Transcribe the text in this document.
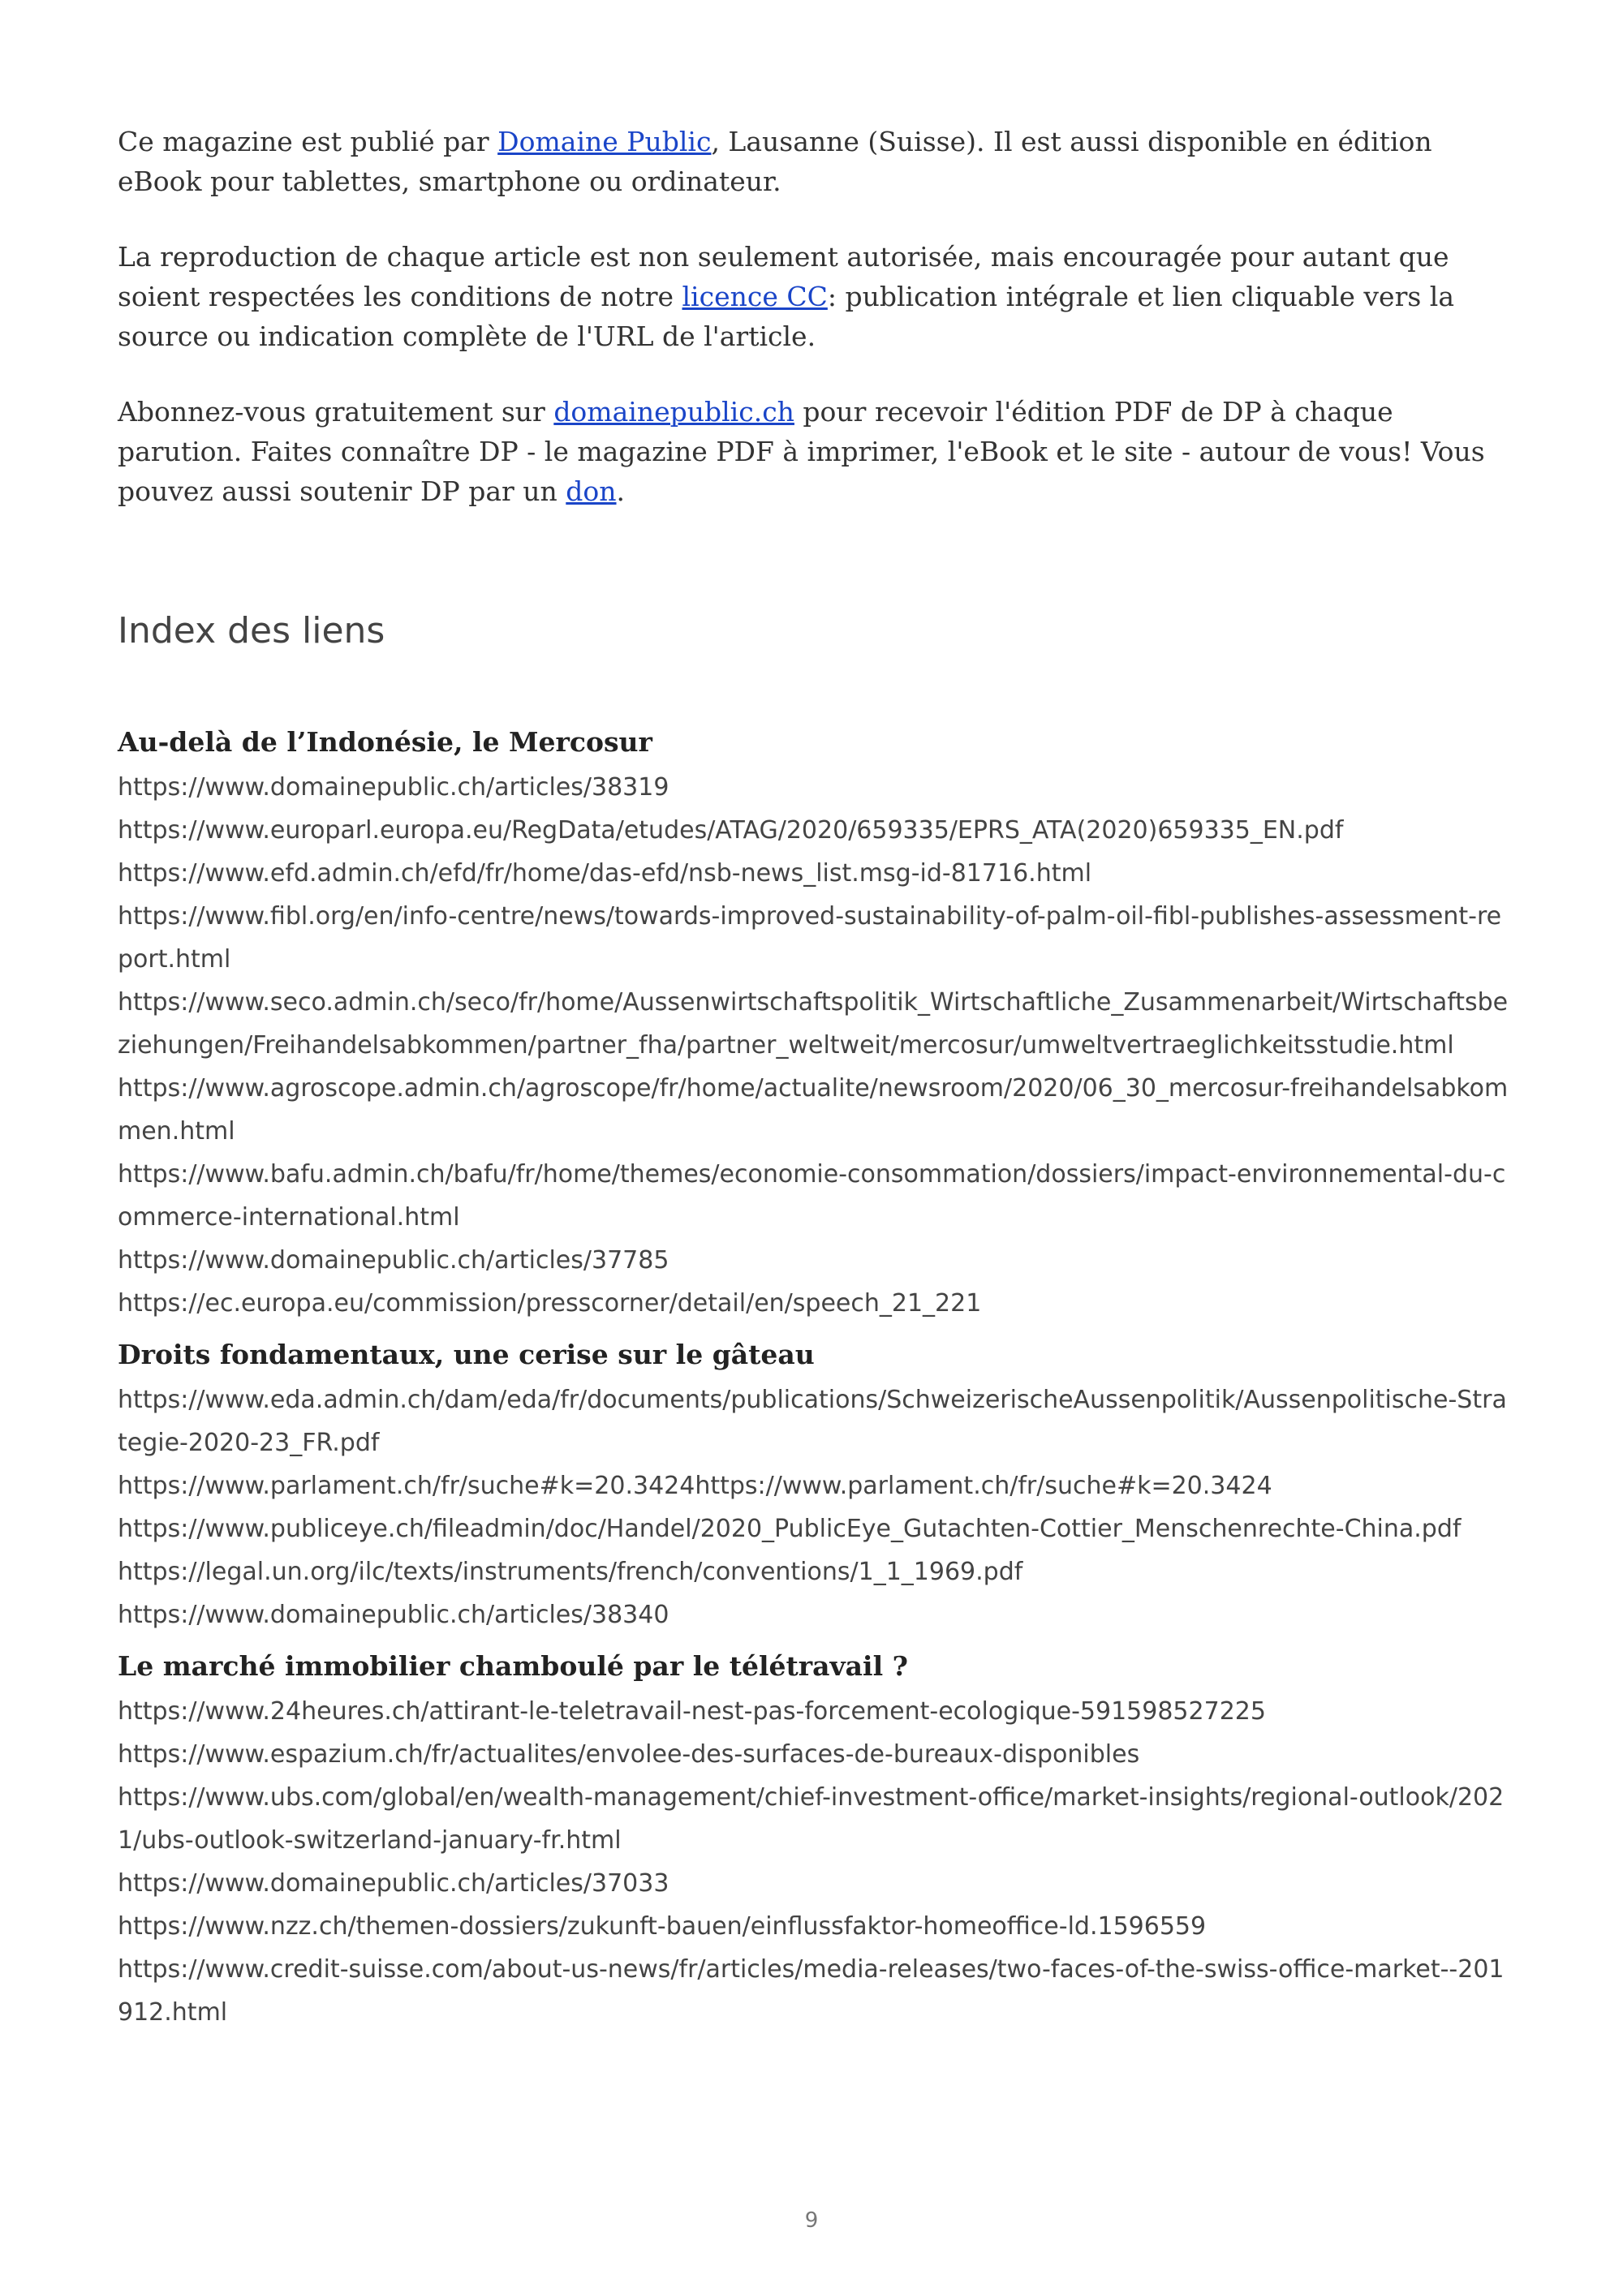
Ce magazine est publié par Domaine Public, Lausanne (Suisse). Il est aussi disponible en édition eBook pour tablettes, smartphone ou ordinateur.

La reproduction de chaque article est non seulement autorisée, mais encouragée pour autant que soient respectées les conditions de notre licence CC: publication intégrale et lien cliquable vers la source ou indication complète de l'URL de l'article.

Abonnez-vous gratuitement sur domainepublic.ch pour recevoir l'édition PDF de DP à chaque parution. Faites connaître DP - le magazine PDF à imprimer, l'eBook et le site - autour de vous! Vous pouvez aussi soutenir DP par un don.

Index des liens
Au-delà de l’Indonésie, le Mercosur
https://www.domainepublic.ch/articles/38319
https://www.europarl.europa.eu/RegData/etudes/ATAG/2020/659335/EPRS_ATA(2020)659335_EN.pdf
https://www.efd.admin.ch/efd/fr/home/das-efd/nsb-news_list.msg-id-81716.html
https://www.fibl.org/en/info-centre/news/towards-improved-sustainability-of-palm-oil-fibl-publishes-assessment-report.html
https://www.seco.admin.ch/seco/fr/home/Aussenwirtschaftspolitik_Wirtschaftliche_Zusammenarbeit/Wirtschaftsbeziehungen/Freihandelsabkommen/partner_fha/partner_weltweit/mercosur/umweltvertraeglichkeitsstudie.html
https://www.agroscope.admin.ch/agroscope/fr/home/actualite/newsroom/2020/06_30_mercosur-freihandelsabkommen.html
https://www.bafu.admin.ch/bafu/fr/home/themes/economie-consommation/dossiers/impact-environnemental-du-commerce-international.html
https://www.domainepublic.ch/articles/37785
https://ec.europa.eu/commission/presscorner/detail/en/speech_21_221
Droits fondamentaux, une cerise sur le gâteau
https://www.eda.admin.ch/dam/eda/fr/documents/publications/SchweizerischeAussenpolitik/Aussenpolitische-Strategie-2020-23_FR.pdf
https://www.parlament.ch/fr/suche#k=20.3424https://www.parlament.ch/fr/suche#k=20.3424
https://www.publiceye.ch/fileadmin/doc/Handel/2020_PublicEye_Gutachten-Cottier_Menschenrechte-China.pdf
https://legal.un.org/ilc/texts/instruments/french/conventions/1_1_1969.pdf
https://www.domainepublic.ch/articles/38340
Le marché immobilier chamboulé par le télétravail ?
https://www.24heures.ch/attirant-le-teletravail-nest-pas-forcement-ecologique-591598527225
https://www.espazium.ch/fr/actualites/envolee-des-surfaces-de-bureaux-disponibles
https://www.ubs.com/global/en/wealth-management/chief-investment-office/market-insights/regional-outlook/2021/ubs-outlook-switzerland-january-fr.html
https://www.domainepublic.ch/articles/37033
https://www.nzz.ch/themen-dossiers/zukunft-bauen/einflussfaktor-homeoffice-ld.1596559
https://www.credit-suisse.com/about-us-news/fr/articles/media-releases/two-faces-of-the-swiss-office-market--201912.html
9
